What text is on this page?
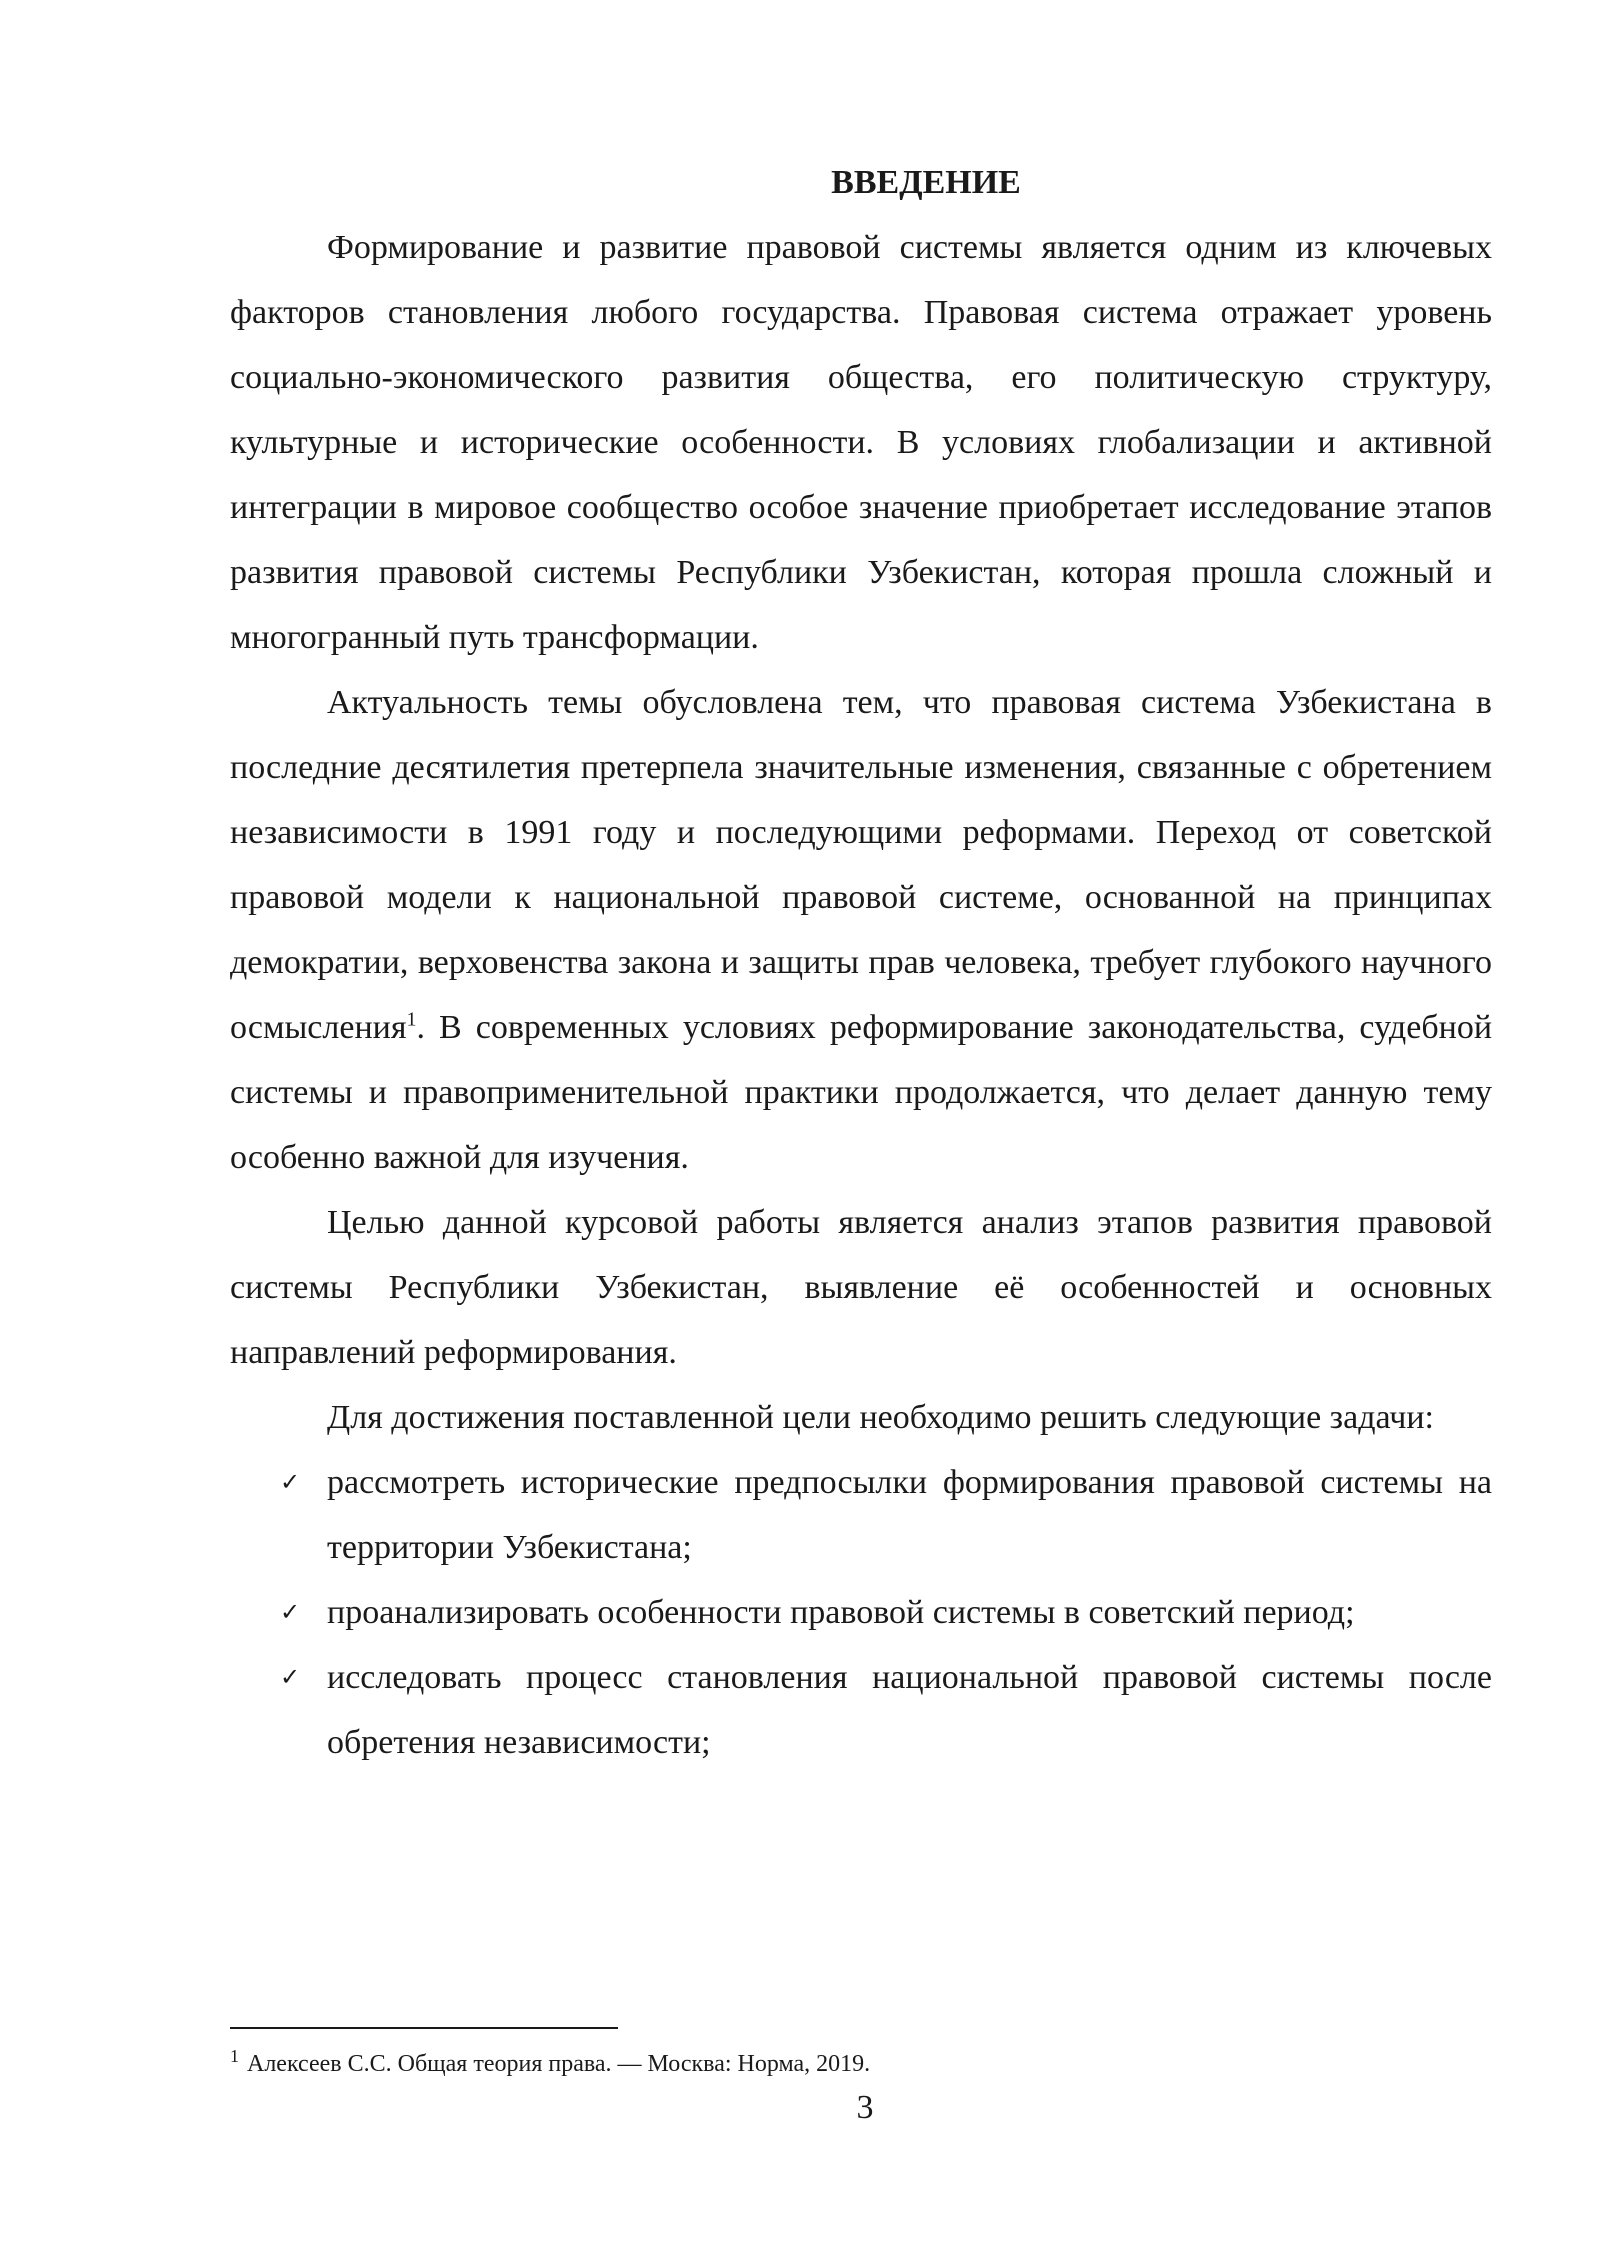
ВВЕДЕНИЕ

Формирование и развитие правовой системы является одним из ключевых факторов становления любого государства. Правовая система отражает уровень социально-экономического развития общества, его политическую структуру, культурные и исторические особенности. В условиях глобализации и активной интеграции в мировое сообщество особое значение приобретает исследование этапов развития правовой системы Республики Узбекистан, которая прошла сложный и многогранный путь трансформации.

Актуальность темы обусловлена тем, что правовая система Узбекистана в последние десятилетия претерпела значительные изменения, связанные с обретением независимости в 1991 году и последующими реформами. Переход от советской правовой модели к национальной правовой системе, основанной на принципах демократии, верховенства закона и защиты прав человека, требует глубокого научного осмысления$^1$. В современных условиях реформирование законодательства, судебной системы и правоприменительной практики продолжается, что делает данную тему особенно важной для изучения.

Целью данной курсовой работы является анализ этапов развития правовой системы Республики Узбекистан, выявление её особенностей и основных направлений реформирования.

Для достижения поставленной цели необходимо решить следующие задачи:

✓ рассмотреть исторические предпосылки формирования правовой системы на территории Узбекистана;
✓ проанализировать особенности правовой системы в советский период;
✓ исследовать процесс становления национальной правовой системы после обретения независимости;
$^1$ Алексеев С.С. Общая теория права. — Москва: Норма, 2019.
3
